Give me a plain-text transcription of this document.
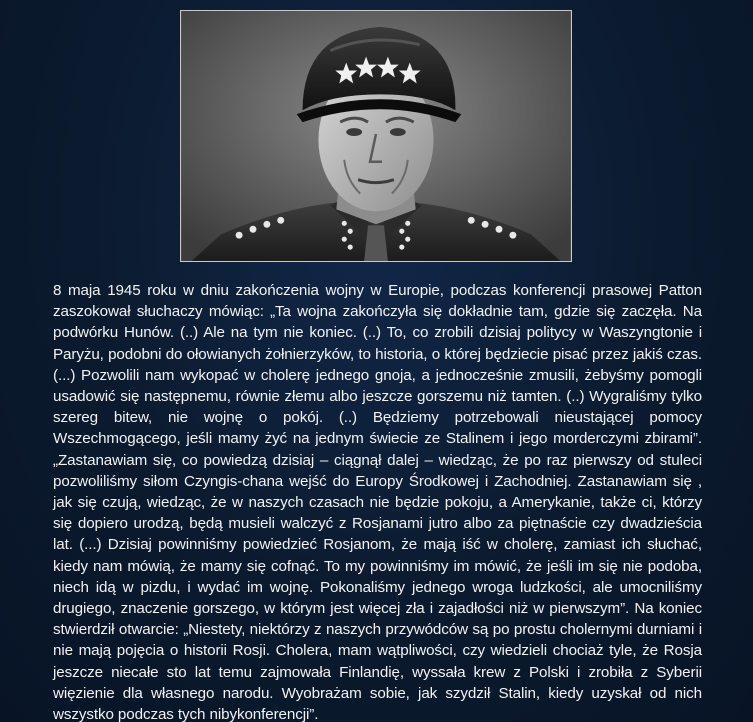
8 maja 1945 roku w dniu zakończenia wojny w Europie, podczas konferencji prasowej Patton zaszokował słuchaczy mówiąc: „Ta wojna zakończyła się dokładnie tam, gdzie się zaczęła. Na podwórku Hunów. (..) Ale na tym nie koniec. (..) To, co zrobili dzisiaj politycy w Waszyngtonie i Paryżu, podobni do ołowianych żołnierzyków, to historia, o której będziecie pisać przez jakiś czas. (...) Pozwolili nam wykopać w cholerę jednego gnoja, a jednocześnie zmusili, żebyśmy pomogli usadowić się następnemu, równie złemu albo jeszcze gorszemu niż tamten. (..) Wygraliśmy tylko szereg bitew, nie wojnę o pokój. (..) Będziemy potrzebowali nieustającej pomocy Wszechmogącego, jeśli mamy żyć na jednym świecie ze Stalinem i jego morderczymi zbirami”. „Zastanawiam się, co powiedzą dzisiaj – ciągnął dalej – wiedząc, że po raz pierwszy od stuleci pozwoliliśmy siłom Czyngis-chana wejść do Europy Środkowej i Zachodniej. Zastanawiam się , jak się czują, wiedząc, że w naszych czasach nie będzie pokoju, a Amerykanie, także ci, którzy się dopiero urodzą, będą musieli walczyć z Rosjanami jutro albo za piętnaście czy dwadzieścia lat. (...) Dzisiaj powinniśmy powiedzieć Rosjanom, że mają iść w cholerę, zamiast ich słuchać, kiedy nam mówią, że mamy się cofnąć. To my powinniśmy im mówić, że jeśli im się nie podoba, niech idą w pizdu, i wydać im wojnę. Pokonaliśmy jednego wroga ludzkości, ale umocniliśmy drugiego, znaczenie gorszego, w którym jest więcej zła i zajadłości niż w pierwszym”. Na koniec stwierdził otwarcie: „Niestety, niektórzy z naszych przywódców są po prostu cholernymi durniami i nie mają pojęcia o historii Rosji. Cholera, mam wątpliwości, czy wiedzieli chociaż tyle, że Rosja jeszcze niecałe sto lat temu zajmowała Finlandię, wyssała krew z Polski i zrobiła z Syberii więzienie dla własnego narodu. Wyobrażam sobie, jak szydził Stalin, kiedy uzyskał od nich wszystko podczas tych nibykonferencji”.
